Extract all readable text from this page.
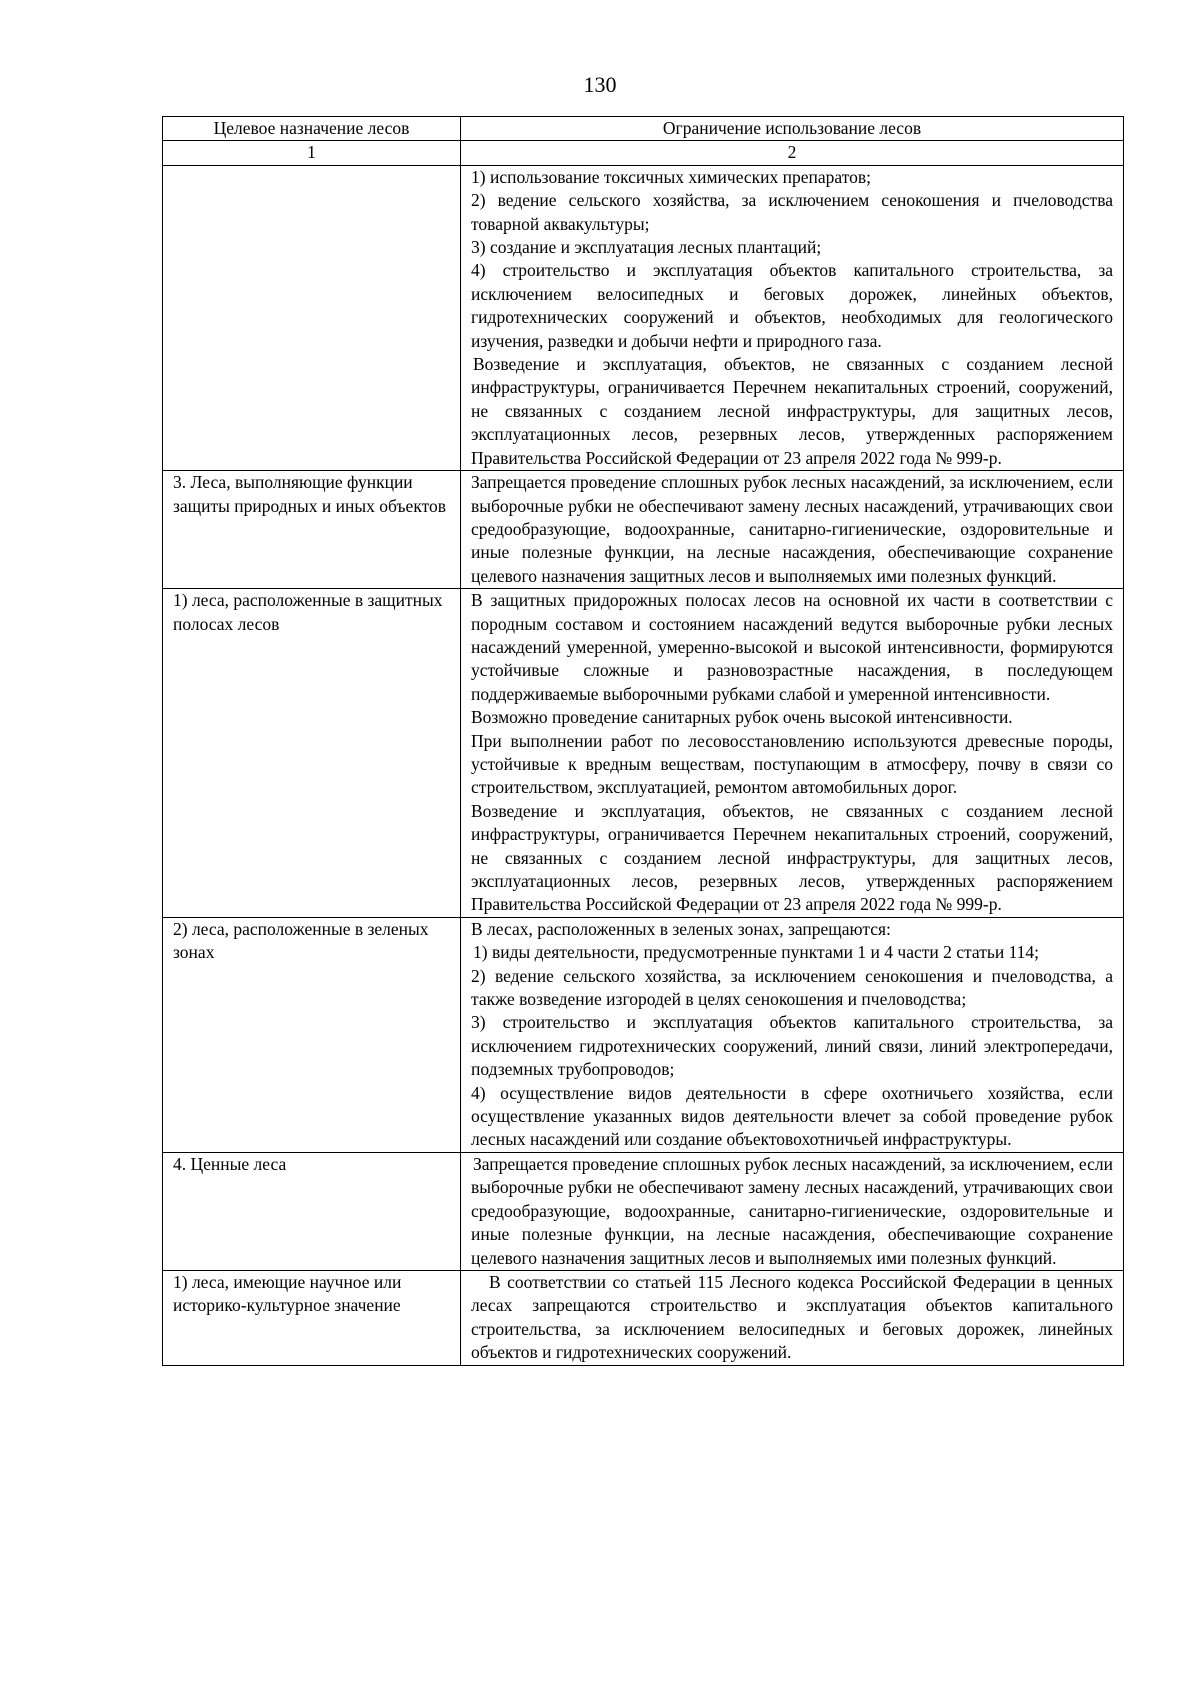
130
Целевое назначение лесов	Ограничение использование лесов
1	2

	1) использование токсичных химических препаратов;

2) ведение сельского хозяйства, за исключением сенокошения и пчеловодства товарной аквакультуры;

3) создание и эксплуатация лесных плантаций;

4) строительство и эксплуатация объектов капитального строительства, за исключением велосипедных и беговых дорожек, линейных объектов, гидротехнических сооружений и объектов, необходимых для геологического изучения, разведки и добычи нефти и природного газа.

Возведение и эксплуатация, объектов, не связанных с созданием лесной инфраструктуры, ограничивается Перечнем некапитальных строений, сооружений, не связанных с созданием лесной инфраструктуры, для защитных лесов, эксплуатационных лесов, резервных лесов, утвержденных распоряжением Правительства Российской Федерации от 23 апреля 2022 года № 999-р.

3. Леса, выполняющие функции защиты природных и иных объектов	Запрещается проведение сплошных рубок лесных насаждений, за исключением, если выборочные рубки не обеспечивают замену лесных насаждений, утрачивающих свои средообразующие, водоохранные, санитарно-гигиенические, оздоровительные и иные полезные функции, на лесные насаждения, обеспечивающие сохранение целевого назначения защитных лесов и выполняемых ими полезных функций.

1) леса, расположенные в защитных полосах лесов	В защитных придорожных полосах лесов на основной их части в соответствии с породным составом и состоянием насаждений ведутся выборочные рубки лесных насаждений умеренной, умеренно-высокой и высокой интенсивности, формируются устойчивые сложные и разновозрастные насаждения, в последующем поддерживаемые выборочными рубками слабой и умеренной интенсивности.

Возможно проведение санитарных рубок очень высокой интенсивности.

При выполнении работ по лесовосстановлению используются древесные породы, устойчивые к вредным веществам, поступающим в атмосферу, почву в связи со строительством, эксплуатацией, ремонтом автомобильных дорог.

Возведение и эксплуатация, объектов, не связанных с созданием лесной инфраструктуры, ограничивается Перечнем некапитальных строений, сооружений, не связанных с созданием лесной инфраструктуры, для защитных лесов, эксплуатационных лесов, резервных лесов, утвержденных распоряжением Правительства Российской Федерации от 23 апреля 2022 года № 999-р.

2) леса, расположенные в зеленых зонах	В лесах, расположенных в зеленых зонах, запрещаются:

1) виды деятельности, предусмотренные пунктами 1 и 4 части 2 статьи 114;

2) ведение сельского хозяйства, за исключением сенокошения и пчеловодства, а также возведение изгородей в целях сенокошения и пчеловодства;

3) строительство и эксплуатация объектов капитального строительства, за исключением гидротехнических сооружений, линий связи, линий электропередачи, подземных трубопроводов;

4) осуществление видов деятельности в сфере охотничьего хозяйства, если осуществление указанных видов деятельности влечет за собой проведение рубок лесных насаждений или создание объектовохотничьей инфраструктуры.

4. Ценные леса	Запрещается проведение сплошных рубок лесных насаждений, за исключением, если выборочные рубки не обеспечивают замену лесных насаждений, утрачивающих свои средообразующие, водоохранные, санитарно-гигиенические, оздоровительные и иные полезные функции, на лесные насаждения, обеспечивающие сохранение целевого назначения защитных лесов и выполняемых ими полезных функций.

1) леса, имеющие научное или историко-культурное значение	В соответствии со статьей 115 Лесного кодекса Российской Федерации в ценных лесах запрещаются строительство и эксплуатация объектов капитального строительства, за исключением велосипедных и беговых дорожек, линейных объектов и гидротехнических сооружений.
